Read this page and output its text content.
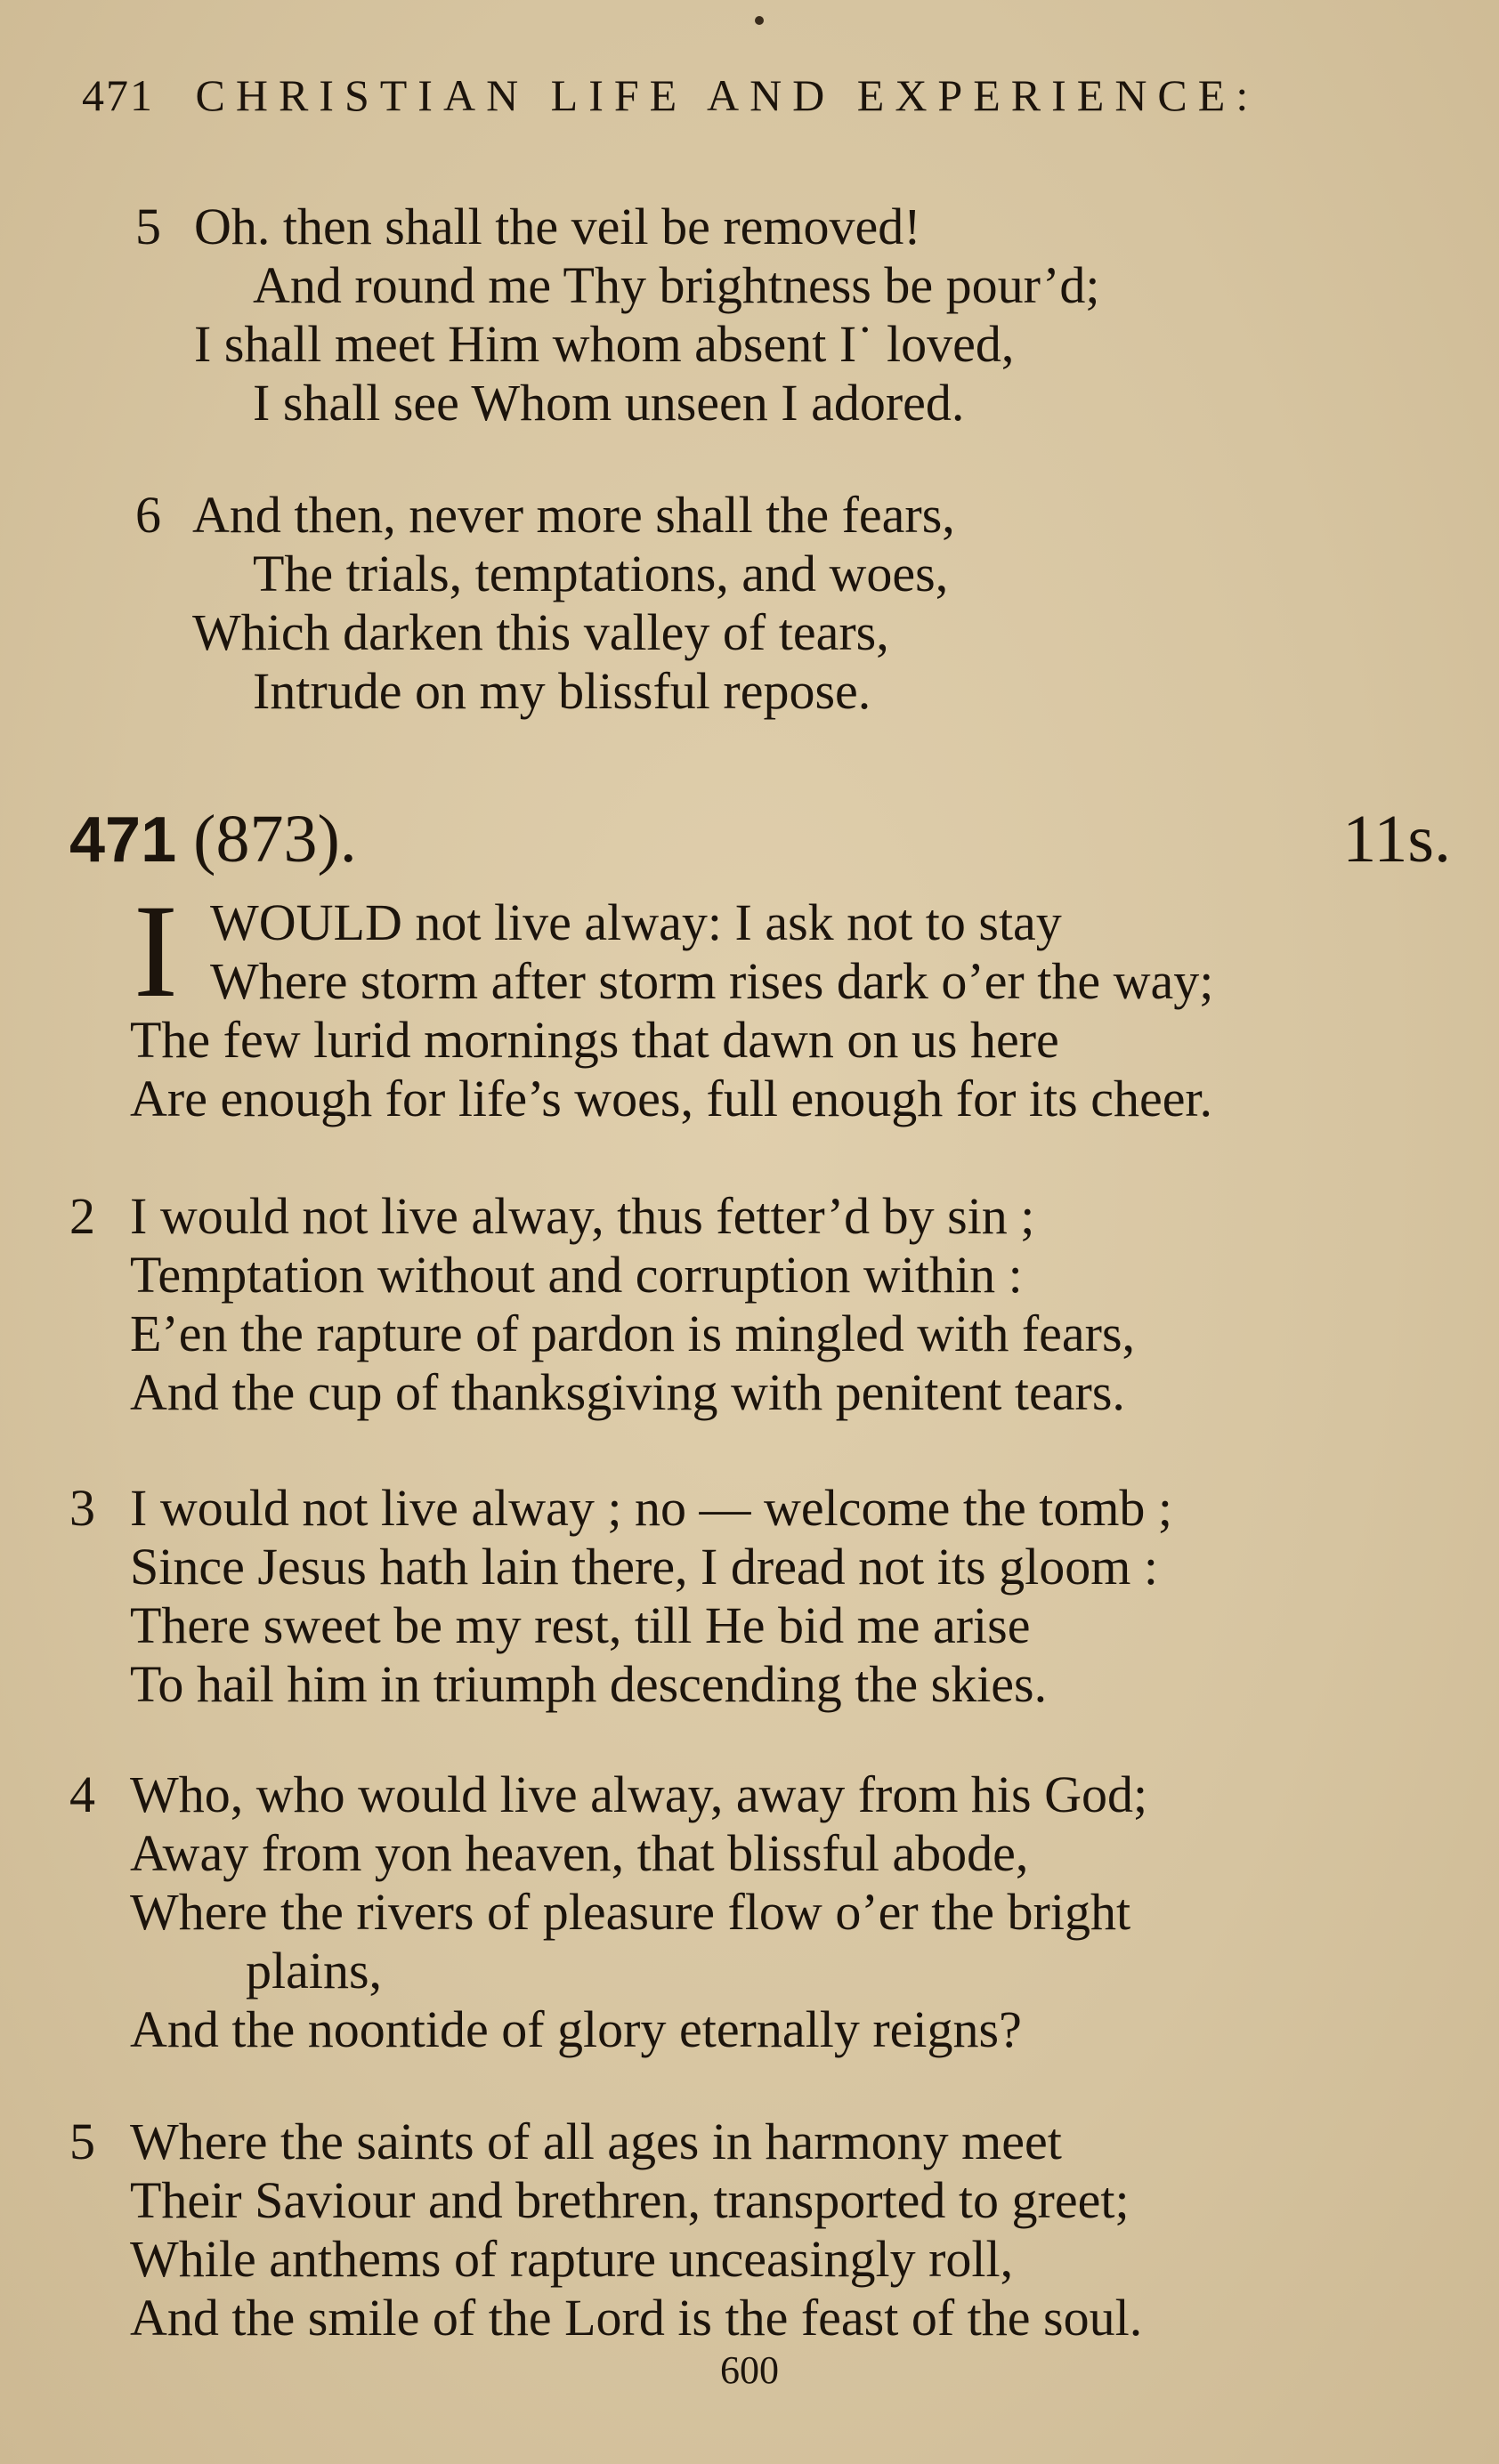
471 CHRISTIAN LIFE AND EXPERIENCE:
5 Oh. then shall the veil be removed!
And round me Thy brightness be pour’d;
I shall meet Him whom absent I˙ loved,
I shall see Whom unseen I adored.
6 And then, never more shall the fears,
The trials, temptations, and woes,
Which darken this valley of tears,
Intrude on my blissful repose.
471 (873).	11s.
I WOULD not live alway: I ask not to stay
Where storm after storm rises dark o’er the way;
The few lurid mornings that dawn on us here
Are enough for life’s woes, full enough for its cheer.
2 I would not live alway, thus fetter’d by sin ;
Temptation without and corruption within :
E’en the rapture of pardon is mingled with fears,
And the cup of thanksgiving with penitent tears.
3 I would not live alway ; no — welcome the tomb ;
Since Jesus hath lain there, I dread not its gloom :
There sweet be my rest, till He bid me arise
To hail him in triumph descending the skies.
4 Who, who would live alway, away from his God;
Away from yon heaven, that blissful abode,
Where the rivers of pleasure flow o’er the bright
plains,
And the noontide of glory eternally reigns?
5 Where the saints of all ages in harmony meet
Their Saviour and brethren, transported to greet;
While anthems of rapture unceasingly roll,
And the smile of the Lord is the feast of the soul.
600
